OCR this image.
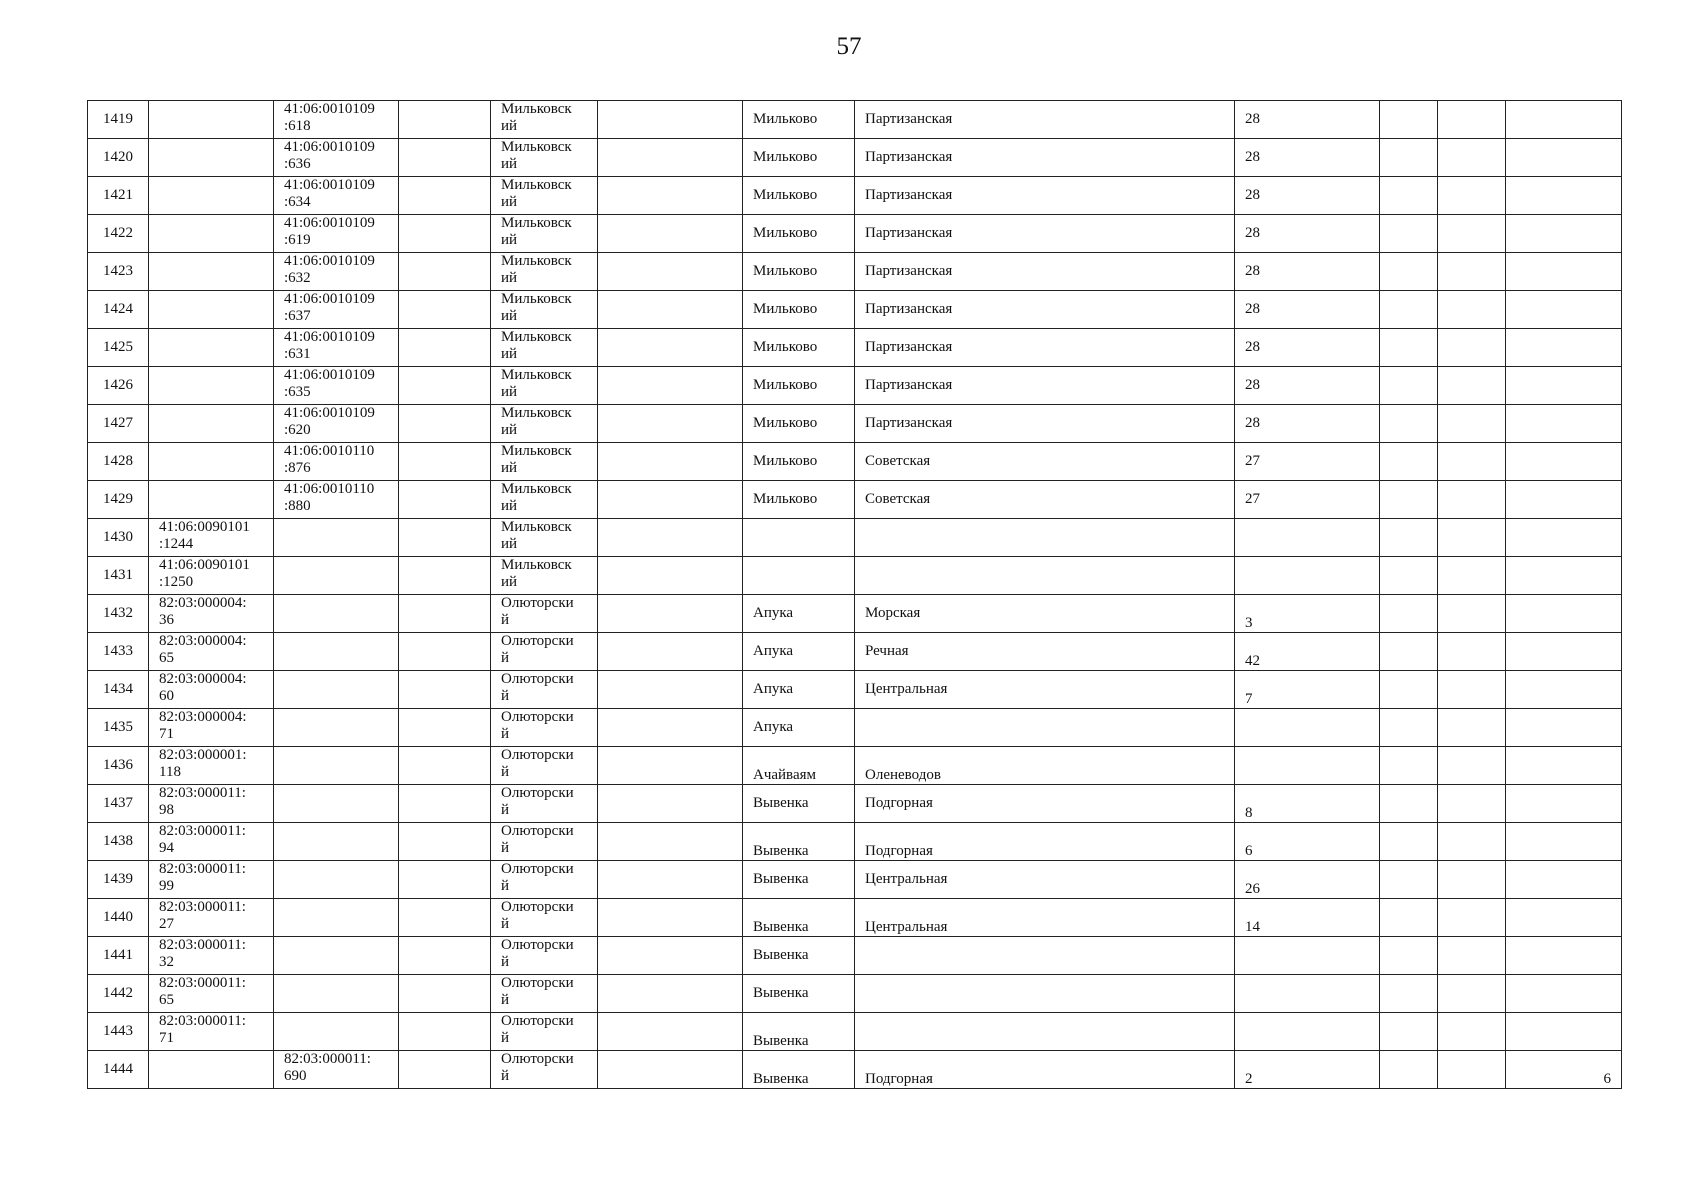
57
1419		41:06:0010109
:618		Мильковск
ий		Мильково	Партизанская	28			
1420		41:06:0010109
:636		Мильковск
ий		Мильково	Партизанская	28			
1421		41:06:0010109
:634		Мильковск
ий		Мильково	Партизанская	28			
1422		41:06:0010109
:619		Мильковск
ий		Мильково	Партизанская	28			
1423		41:06:0010109
:632		Мильковск
ий		Мильково	Партизанская	28			
1424		41:06:0010109
:637		Мильковск
ий		Мильково	Партизанская	28			
1425		41:06:0010109
:631		Мильковск
ий		Мильково	Партизанская	28			
1426		41:06:0010109
:635		Мильковск
ий		Мильково	Партизанская	28			
1427		41:06:0010109
:620		Мильковск
ий		Мильково	Партизанская	28			
1428		41:06:0010110
:876		Мильковск
ий		Мильково	Советская	27			
1429		41:06:0010110
:880		Мильковск
ий		Мильково	Советская	27			
1430	41:06:0090101
:1244			Мильковск
ий							
1431	41:06:0090101
:1250			Мильковск
ий							
1432	82:03:000004:
36			Олюторски
й		Апука	Морская	3			
1433	82:03:000004:
65			Олюторски
й		Апука	Речная	42			
1434	82:03:000004:
60			Олюторски
й		Апука	Центральная	7			
1435	82:03:000004:
71			Олюторски
й		Апука					
1436	82:03:000001:
118			Олюторски
й		Ачайваям	Оленеводов				
1437	82:03:000011:
98			Олюторски
й		Вывенка	Подгорная	8			
1438	82:03:000011:
94			Олюторски
й		Вывенка	Подгорная	6			
1439	82:03:000011:
99			Олюторски
й		Вывенка	Центральная	26			
1440	82:03:000011:
27			Олюторски
й		Вывенка	Центральная	14			
1441	82:03:000011:
32			Олюторски
й		Вывенка					
1442	82:03:000011:
65			Олюторски
й		Вывенка					
1443	82:03:000011:
71			Олюторски
й		Вывенка					
1444		82:03:000011:
690		Олюторски
й		Вывенка	Подгорная	2			6
